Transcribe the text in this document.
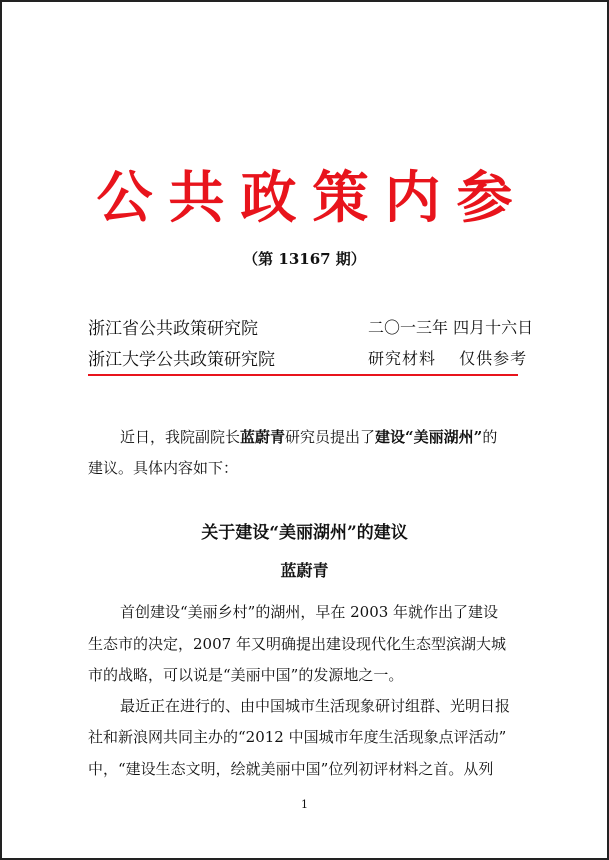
公共政策内参
（第 13167 期）
浙江省公共政策研究院
浙江大学公共政策研究院
二〇一三年 四月十六日
研究材料　 仅供参考
近日，我院副院长蓝蔚青研究员提出了建设“美丽湖州”的
建议。具体内容如下：
关于建设“美丽湖州”的建议
蓝蔚青
首创建设“美丽乡村”的湖州，早在 2003 年就作出了建设
生态市的决定，2007 年又明确提出建设现代化生态型滨湖大城
市的战略，可以说是“美丽中国”的发源地之一。
最近正在进行的、由中国城市生活现象研讨组群、光明日报
社和新浪网共同主办的“2012 中国城市年度生活现象点评活动”
中，“建设生态文明，绘就美丽中国”位列初评材料之首。从列
1
